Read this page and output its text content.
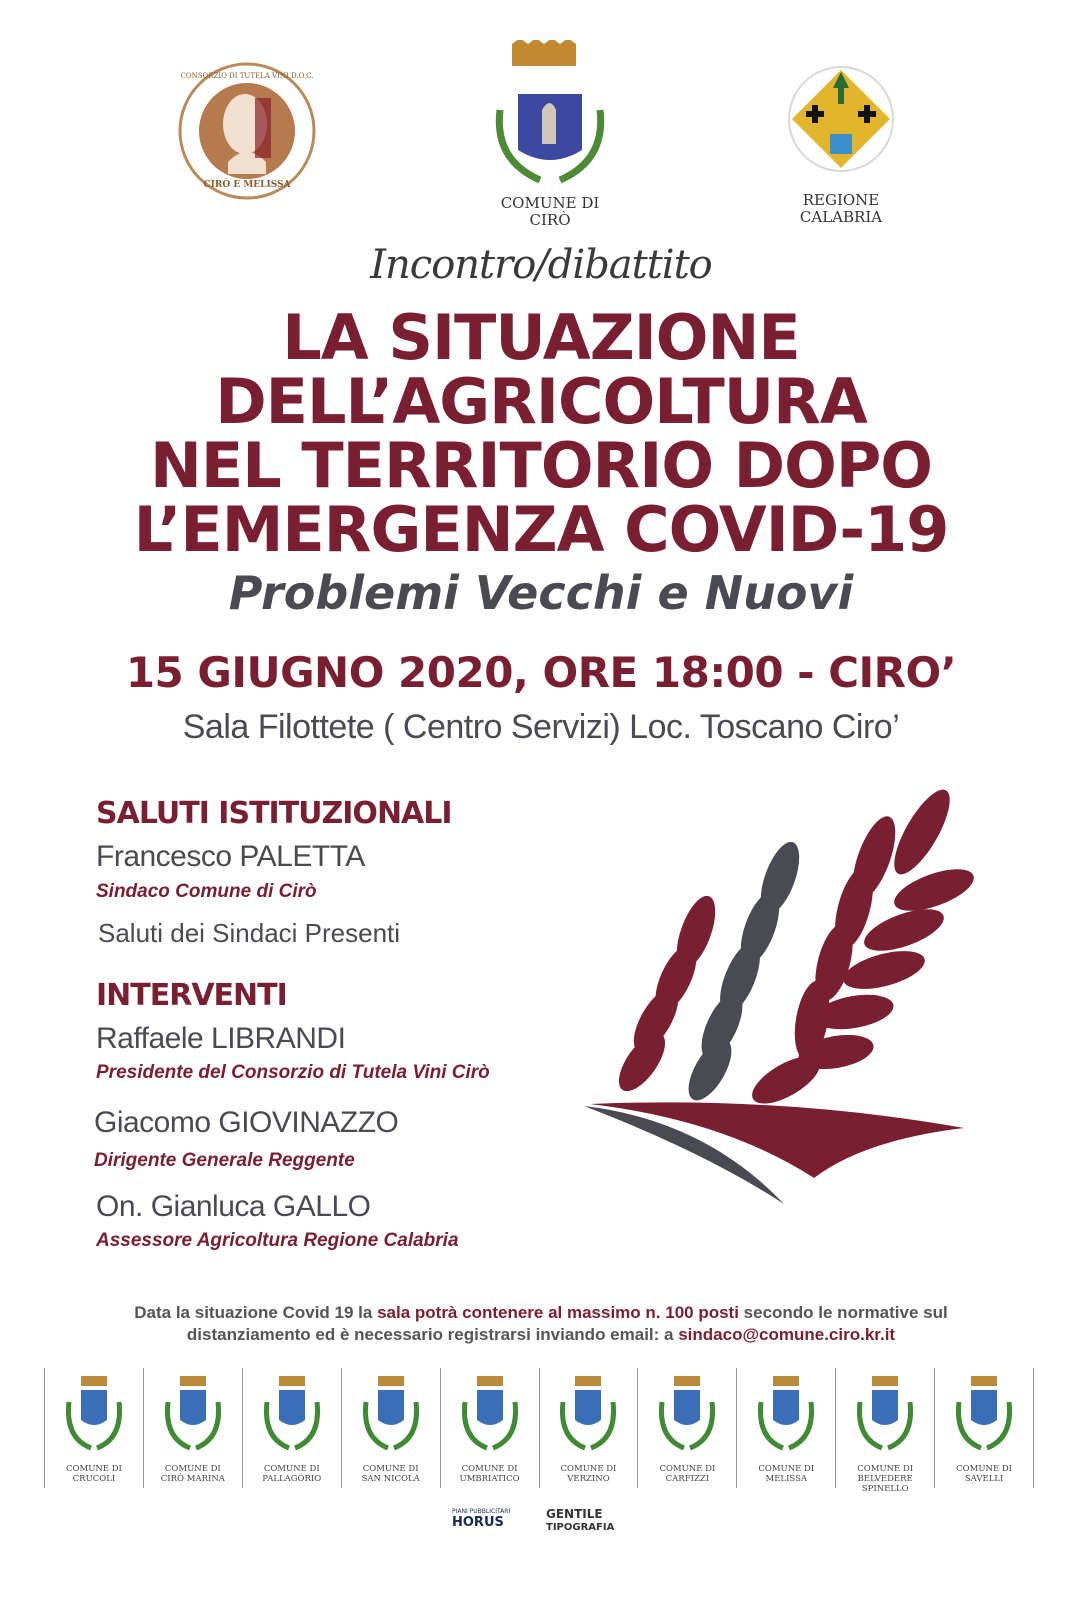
CONSORZIO DI TUTELA VINI D.O.C.
CIRÒ E MELISSA
COMUNE DI
CIRÒ
REGIONE
CALABRIA
Incontro/dibattito
LA SITUAZIONE
DELL’AGRICOLTURA
NEL TERRITORIO DOPO
L’EMERGENZA COVID-19
Problemi Vecchi e Nuovi
15 GIUGNO 2020, ORE 18:00 - CIRO’
Sala Filottete ( Centro Servizi) Loc. Toscano Ciro’
SALUTI ISTITUZIONALI
Francesco PALETTA
Sindaco Comune di Cirò
Saluti dei Sindaci Presenti
INTERVENTI
Raffaele LIBRANDI
Presidente del Consorzio di Tutela Vini Cirò
Giacomo GIOVINAZZO
Dirigente Generale Reggente
On. Gianluca GALLO
Assessore Agricoltura Regione Calabria
Data la situazione Covid 19 la sala potrà contenere al massimo n. 100 posti secondo le normative sul
distanziamento ed è necessario registrarsi inviando email: a sindaco@comune.ciro.kr.it
COMUNE DI
CRUCOLI
COMUNE DI
CIRÒ MARINA
COMUNE DI
PALLAGORIO
COMUNE DI
SAN NICOLA
COMUNE DI
UMBRIATICO
COMUNE DI
VERZINO
COMUNE DI
CARFIZZI
COMUNE DI
MELISSA
COMUNE DI
BELVEDERE SPINELLO
COMUNE DI
SAVELLI
PIANI PUBBLICITARI
HORUS
GENTILE
TIPOGRAFIA
